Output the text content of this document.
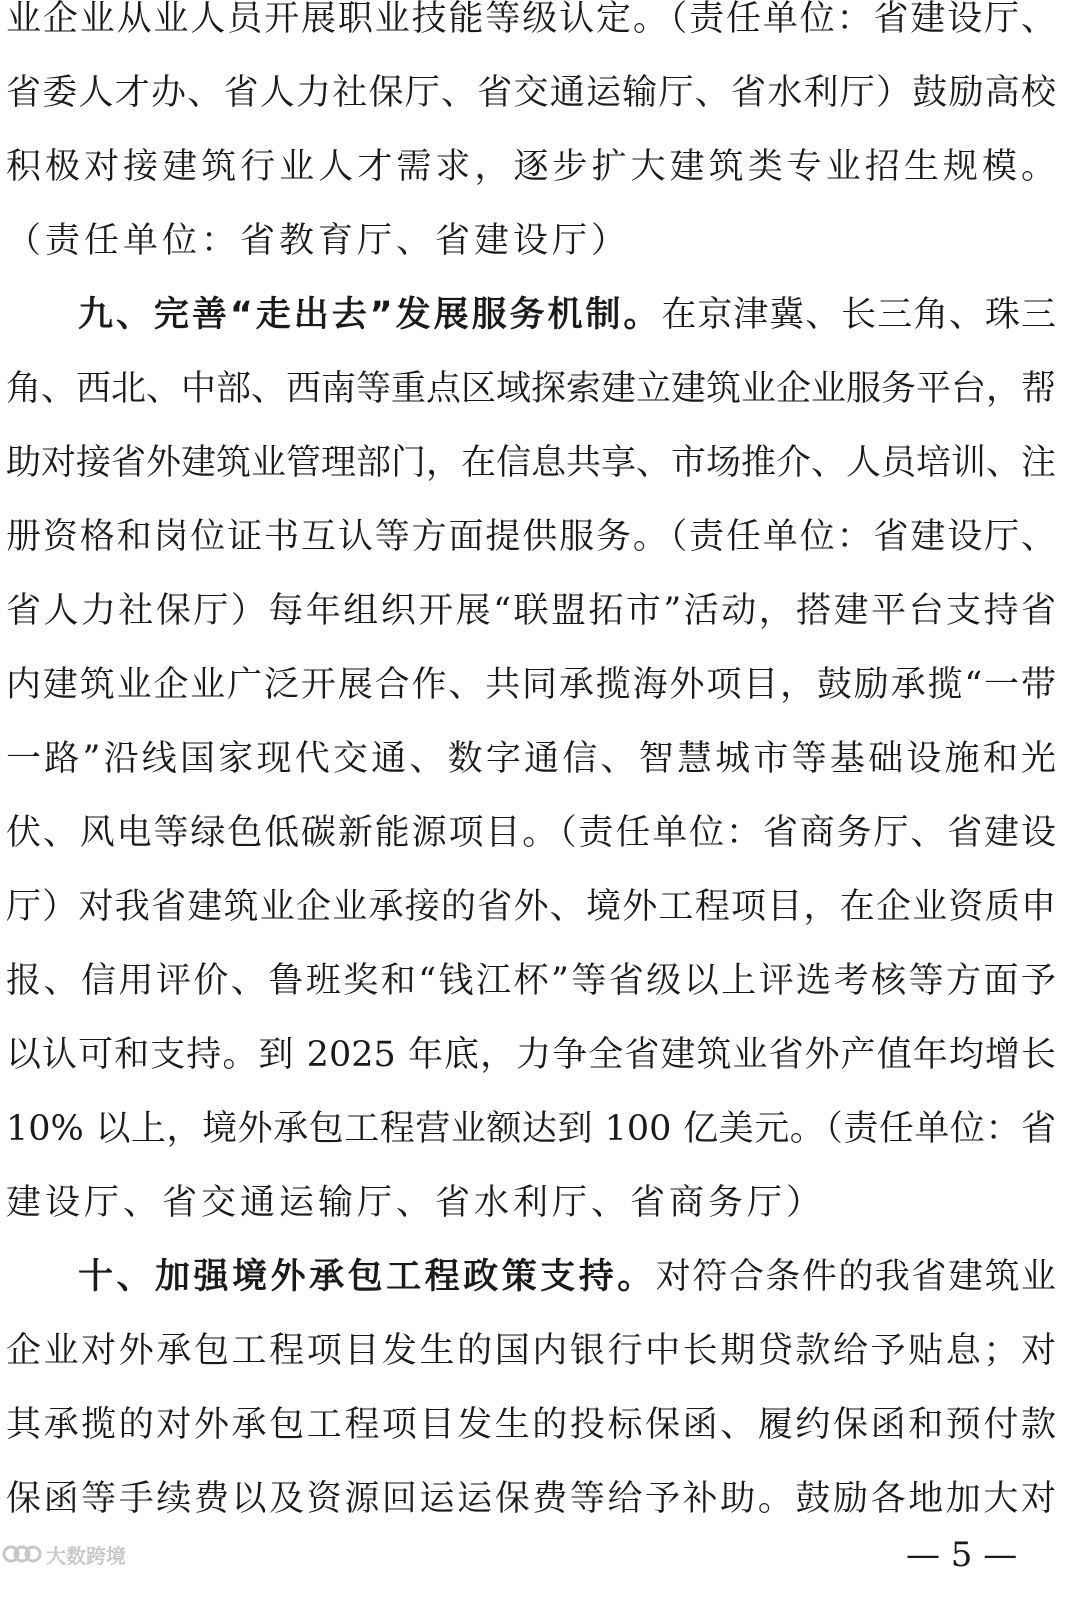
业企业从业人员开展职业技能等级认定。（责任单位：省建设厅、
省委人才办、省人力社保厅、省交通运输厅、省水利厅）鼓励高校
积极对接建筑行业人才需求，逐步扩大建筑类专业招生规模。
（责任单位：省教育厅、省建设厅）
九、完善“走出去”发展服务机制。在京津冀、长三角、珠三
角、西北、中部、西南等重点区域探索建立建筑业企业服务平台，帮
助对接省外建筑业管理部门，在信息共享、市场推介、人员培训、注
册资格和岗位证书互认等方面提供服务。（责任单位：省建设厅、
省人力社保厅）每年组织开展“联盟拓市”活动，搭建平台支持省
内建筑业企业广泛开展合作、共同承揽海外项目，鼓励承揽“一带
一路”沿线国家现代交通、数字通信、智慧城市等基础设施和光
伏、风电等绿色低碳新能源项目。（责任单位：省商务厅、省建设
厅）对我省建筑业企业承接的省外、境外工程项目，在企业资质申
报、信用评价、鲁班奖和“钱江杯”等省级以上评选考核等方面予
以认可和支持。到 2025 年底，力争全省建筑业省外产值年均增长
10% 以上，境外承包工程营业额达到 100 亿美元。（责任单位：省
建设厅、省交通运输厅、省水利厅、省商务厅）
十、加强境外承包工程政策支持。对符合条件的我省建筑业
企业对外承包工程项目发生的国内银行中长期贷款给予贴息；对
其承揽的对外承包工程项目发生的投标保函、履约保函和预付款
保函等手续费以及资源回运运保费等给予补助。鼓励各地加大对
大数跨境	— 5 —
